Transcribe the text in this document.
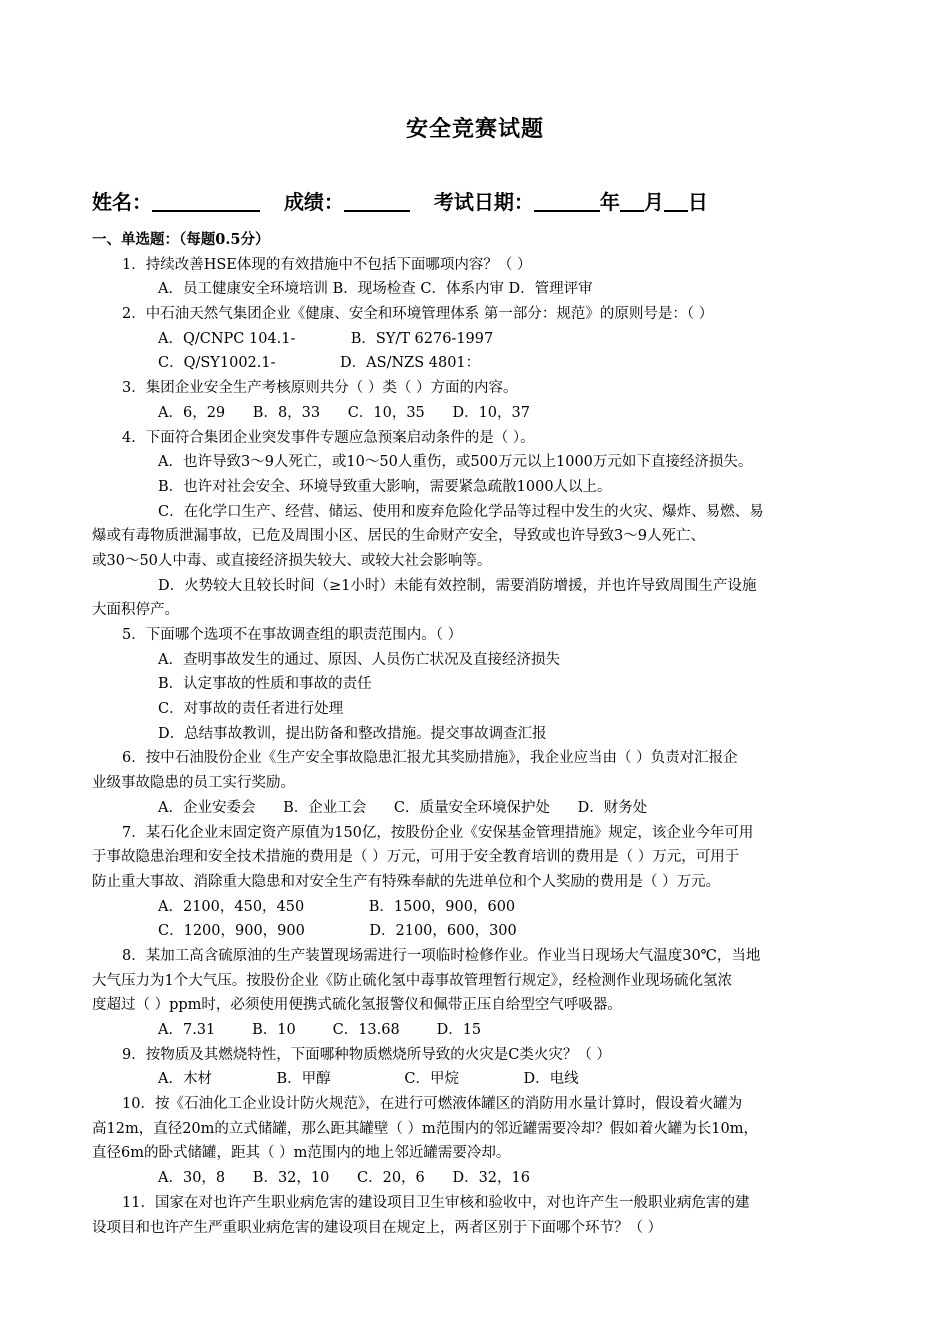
安全竞赛试题
姓名：	成绩：	考试日期：	年 月 日
一、单选题：（每题0.5分）
1．持续改善HSE体现的有效措施中不包括下面哪项内容？（ ）
A．员工健康安全环境培训 B．现场检查 C．体系内审 D．管理评审
2．中石油天然气集团企业《健康、安全和环境管理体系 第一部分：规范》的原则号是：（ ）
A．Q/CNPC 104.1-            B．SY/T 6276-1997
C．Q/SY1002.1-              D．AS/NZS 4801：
3．集团企业安全生产考核原则共分（ ）类（ ）方面的内容。
A．6，29      B．8，33      C．10，35      D．10，37
4．下面符合集团企业突发事件专题应急预案启动条件的是（ ）。
A．也许导致3～9人死亡，或10～50人重伤，或500万元以上1000万元如下直接经济损失。
B．也许对社会安全、环境导致重大影响，需要紧急疏散1000人以上。
C．在化学口生产、经营、储运、使用和废弃危险化学品等过程中发生的火灾、爆炸、易燃、易
爆或有毒物质泄漏事故，已危及周围小区、居民的生命财产安全，导致或也许导致3～9人死亡、
或30～50人中毒、或直接经济损失较大、或较大社会影响等。
D．火势较大且较长时间（≥1小时）未能有效控制，需要消防增援，并也许导致周围生产设施
大面积停产。
5．下面哪个选项不在事故调查组的职责范围内。（ ）
A．查明事故发生的通过、原因、人员伤亡状况及直接经济损失
B．认定事故的性质和事故的责任
C．对事故的责任者进行处理
D．总结事故教训，提出防备和整改措施。提交事故调查汇报
6．按中石油股份企业《生产安全事故隐患汇报尤其奖励措施》，我企业应当由（ ）负责对汇报企
业级事故隐患的员工实行奖励。
A．企业安委会      B．企业工会      C．质量安全环境保护处      D．财务处
7．某石化企业末固定资产原值为150亿，按股份企业《安保基金管理措施》规定，该企业今年可用
于事故隐患治理和安全技术措施的费用是（ ）万元，可用于安全教育培训的费用是（ ）万元，可用于
防止重大事故、消除重大隐患和对安全生产有特殊奉献的先进单位和个人奖励的费用是（ ）万元。
A．2100，450，450              B．1500，900，600
C．1200，900，900              D．2100，600，300
8．某加工高含硫原油的生产装置现场需进行一项临时检修作业。作业当日现场大气温度30℃，当地
大气压力为1个大气压。按股份企业《防止硫化氢中毒事故管理暂行规定》，经检测作业现场硫化氢浓
度超过（ ）ppm时，必须使用便携式硫化氢报警仪和佩带正压自给型空气呼吸器。
A．7.31        B．10        C．13.68        D．15
9．按物质及其燃烧特性，下面哪种物质燃烧所导致的火灾是C类火灾？（ ）
A．木材              B．甲醇                C．甲烷              D．电线
10．按《石油化工企业设计防火规范》，在进行可燃液体罐区的消防用水量计算时，假设着火罐为
高12m，直径20m的立式储罐，那么距其罐壁（ ）m范围内的邻近罐需要冷却？假如着火罐为长10m，
直径6m的卧式储罐，距其（ ）m范围内的地上邻近罐需要冷却。
A．30，8      B．32，10      C．20，6      D．32，16
11．国家在对也许产生职业病危害的建设项目卫生审核和验收中，对也许产生一般职业病危害的建
设项目和也许产生严重职业病危害的建设项目在规定上，两者区别于下面哪个环节？（ ）
